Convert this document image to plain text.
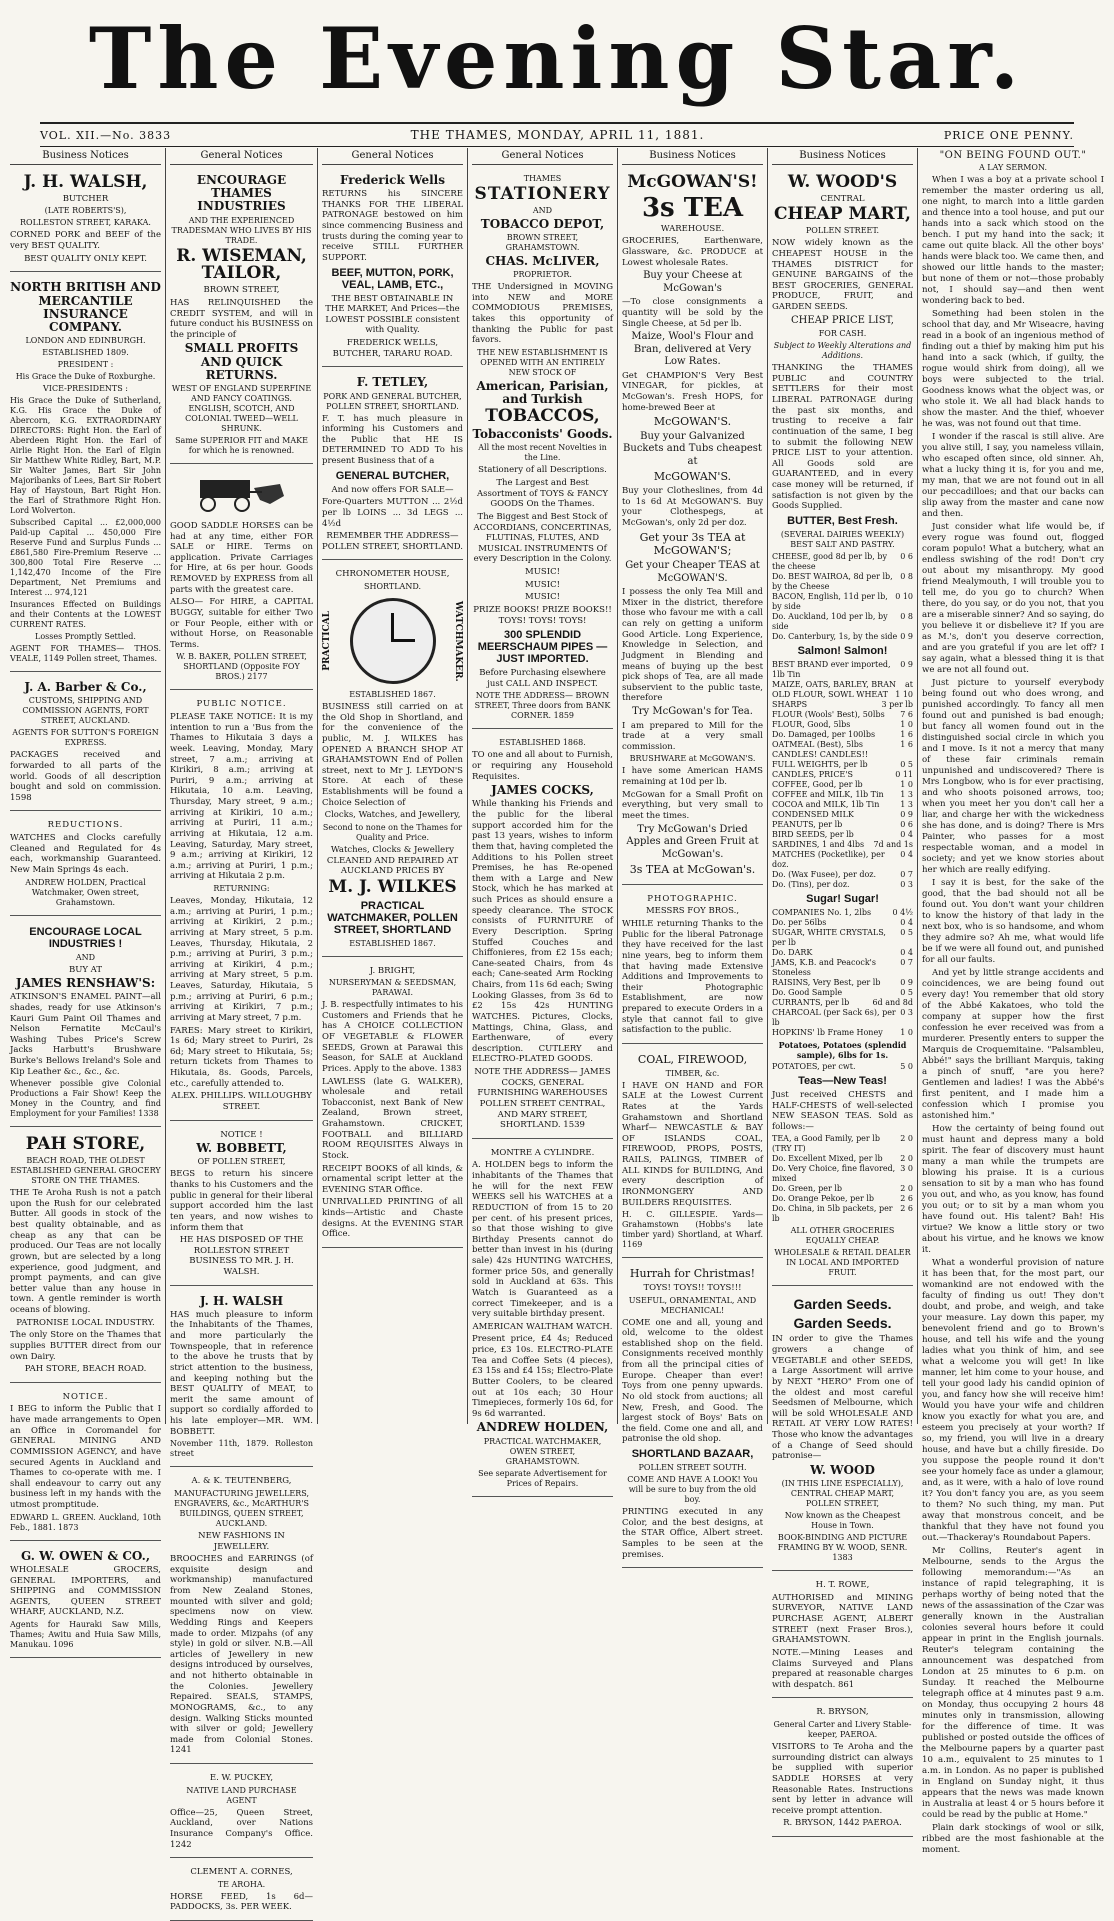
The Evening Star.
VOL. XII.—No. 3833	THE THAMES, MONDAY, APRIL 11, 1881.	PRICE ONE PENNY.
Business Notices
J. H. WALSH,

BUTCHER

(LATE ROBERTS'S),

ROLLESTON STREET, KARAKA.

CORNED PORK and BEEF of the very BEST QUALITY.

BEST QUALITY ONLY KEPT.

NORTH BRITISH AND MERCANTILE INSURANCE COMPANY.

LONDON AND EDINBURGH.

ESTABLISHED 1809.

PRESIDENT :

His Grace the Duke of Roxburghe.

VICE-PRESIDENTS :

His Grace the Duke of Sutherland, K.G. His Grace the Duke of Abercorn, K.G. EXTRAORDINARY DIRECTORS: Right Hon. the Earl of Aberdeen Right Hon. the Earl of Airlie Right Hon. the Earl of Elgin Sir Matthew White Ridley, Bart, M.P. Sir Walter James, Bart Sir John Majoribanks of Lees, Bart Sir Robert Hay of Haystoun, Bart Right Hon. the Earl of Strathmore Right Hon. Lord Wolverton.

Subscribed Capital ... £2,000,000 Paid-up Capital ... 450,000 Fire Reserve Fund and Surplus Funds ... £861,580 Fire-Premium Reserve ... 300,800 Total Fire Reserve ... 1,142,470 Income of the Fire Department, Net Premiums and Interest ... 974,121

Insurances Effected on Buildings and their Contents at the LOWEST CURRENT RATES.

Losses Promptly Settled.

AGENT FOR THAMES— THOS. VEALE, 1149 Pollen street, Thames.

J. A. Barber & Co.,

CUSTOMS, SHIPPING AND COMMISSION AGENTS, FORT STREET, AUCKLAND.

AGENTS FOR SUTTON'S FOREIGN EXPRESS.

PACKAGES received and forwarded to all parts of the world. Goods of all description bought and sold on commission. 1598

REDUCTIONS.

WATCHES and Clocks carefully Cleaned and Regulated for 4s each, workmanship Guaranteed. New Main Springs 4s each.

ANDREW HOLDEN, Practical Watchmaker, Owen street, Grahamstown.

ENCOURAGE LOCAL INDUSTRIES !

AND

BUY AT

JAMES RENSHAW'S:

ATKINSON'S ENAMEL PAINT—all shades, ready for use Atkinson's Kauri Gum Paint Oil Thames and Nelson Fernatite McCaul's Washing Tubes Price's Screw Jacks Harbutt's Brushware Burke's Bellows Ireland's Sole and Kip Leather &c., &c., &c.

Whenever possible give Colonial Productions a Fair Show! Keep the Money in the Country, and find Employment for your Families! 1338

PAH STORE,

BEACH ROAD, THE OLDEST ESTABLISHED GENERAL GROCERY STORE ON THE THAMES.

THE Te Aroha Rush is not a patch upon the Rush for our celebrated Butter. All goods in stock of the best quality obtainable, and as cheap as any that can be produced. Our Teas are not locally grown, but are selected by a long experience, good judgment, and prompt payments, and can give better value than any house in town. A gentle reminder is worth oceans of blowing.

PATRONISE LOCAL INDUSTRY.

The only Store on the Thames that supplies BUTTER direct from our own Dairy.

PAH STORE, BEACH ROAD.

NOTICE.

I BEG to inform the Public that I have made arrangements to Open an Office in Coromandel for GENERAL MINING AND COMMISSION AGENCY, and have secured Agents in Auckland and Thames to co-operate with me. I shall endeavour to carry out any business left in my hands with the utmost promptitude.

EDWARD L. GREEN. Auckland, 10th Feb., 1881. 1873

G. W. OWEN & CO.,

WHOLESALE GROCERS, GENERAL IMPORTERS, and SHIPPING and COMMISSION AGENTS, QUEEN STREET WHARF, AUCKLAND, N.Z.

Agents for Hauraki Saw Mills, Thames; Awitu and Huia Saw Mills, Manukau. 1096

General Notices
ENCOURAGE THAMES INDUSTRIES

AND THE EXPERIENCED TRADESMAN WHO LIVES BY HIS TRADE.

R. WISEMAN, TAILOR,

BROWN STREET,

HAS RELINQUISHED the CREDIT SYSTEM, and will in future conduct his BUSINESS on the principle of

SMALL PROFITS AND QUICK RETURNS.

WEST OF ENGLAND SUPERFINE AND FANCY COATINGS. ENGLISH, SCOTCH, AND COLONIAL TWEED—WELL SHRUNK.

Same SUPERIOR FIT and MAKE for which he is renowned.

GOOD SADDLE HORSES can be had at any time, either FOR SALE or HIRE. Terms on application. Private Carriages for Hire, at 6s per hour. Goods REMOVED by EXPRESS from all parts with the greatest care.

ALSO— For HIRE, a CAPITAL BUGGY, suitable for either Two or Four People, either with or without Horse, on Reasonable Terms.

W. B. BAKER, POLLEN STREET, SHORTLAND (Opposite FOY BROS.) 2177

PUBLIC NOTICE.

PLEASE TAKE NOTICE: It is my intention to run a 'Bus from the Thames to Hikutaia 3 days a week. Leaving, Monday, Mary street, 7 a.m.; arriving at Kirikiri, 8 a.m.; arriving at Puriri, 9 a.m.; arriving at Hikutaia, 10 a.m. Leaving, Thursday, Mary street, 9 a.m.; arriving at Kirikiri, 10 a.m.; arriving at Puriri, 11 a.m.; arriving at Hikutaia, 12 a.m. Leaving, Saturday, Mary street, 9 a.m.; arriving at Kirikiri, 12 a.m.; arriving at Puriri, 1 p.m.; arriving at Hikutaia 2 p.m.

RETURNING:

Leaves, Monday, Hikutaia, 12 a.m.; arriving at Puriri, 1 p.m.; arriving at Kirikiri, 2 p.m.; arriving at Mary street, 5 p.m. Leaves, Thursday, Hikutaia, 2 p.m.; arriving at Puriri, 3 p.m.; arriving at Kirikiri, 4 p.m.; arriving at Mary street, 5 p.m. Leaves, Saturday, Hikutaia, 5 p.m.; arriving at Puriri, 6 p.m.; arriving at Kirikiri, 7 p.m.; arriving at Mary street, 7 p.m.

FARES: Mary street to Kirikiri, 1s 6d; Mary street to Puriri, 2s 6d; Mary street to Hikutaia, 5s; return tickets from Thames to Hikutaia, 8s. Goods, Parcels, etc., carefully attended to.

ALEX. PHILLIPS. WILLOUGHBY STREET.

NOTICE !

W. BOBBETT,

OF POLLEN STREET,

BEGS to return his sincere thanks to his Customers and the public in general for their liberal support accorded him the last ten years, and now wishes to inform them that

HE HAS DISPOSED OF THE ROLLESTON STREET BUSINESS TO MR. J. H. WALSH.

J. H. WALSH

HAS much pleasure to inform the Inhabitants of the Thames, and more particularly the Townspeople, that in reference to the above he trusts that by strict attention to the business, and keeping nothing but the BEST QUALITY of MEAT, to merit the same amount of support so cordially afforded to his late employer—MR. WM. BOBBETT.

November 11th, 1879. Rolleston street

A. & K. TEUTENBERG,

MANUFACTURING JEWELLERS, ENGRAVERS, &c., McARTHUR'S BUILDINGS, QUEEN STREET, AUCKLAND.

NEW FASHIONS IN JEWELLERY.

BROOCHES and EARRINGS (of exquisite design and workmanship) manufactured from New Zealand Stones, mounted with silver and gold; specimens now on view. Wedding Rings and Keepers made to order. Mizpahs (of any style) in gold or silver. N.B.—All articles of Jewellery in new designs introduced by ourselves, and not hitherto obtainable in the Colonies. Jewellery Repaired. SEALS, STAMPS, MONOGRAMS, &c., to any design. Walking Sticks mounted with silver or gold; Jewellery made from Colonial Stones. 1241

E. W. PUCKEY,

NATIVE LAND PURCHASE AGENT

Office—25, Queen Street, Auckland, over Nations Insurance Company's Office. 1242

CLEMENT A. CORNES,

TE AROHA.

HORSE FEED, 1s 6d—PADDOCKS, 3s. PER WEEK.

General Notices
Frederick Wells

RETURNS his SINCERE THANKS FOR THE LIBERAL PATRONAGE bestowed on him since commencing Business and trusts during the coming year to receive STILL FURTHER SUPPORT.

BEEF, MUTTON, PORK, VEAL, LAMB, ETC.,

THE BEST OBTAINABLE IN THE MARKET, And Prices—the LOWEST POSSIBLE consistent with Quality.

FREDERICK WELLS, BUTCHER, TARARU ROAD.

F. TETLEY,

PORK AND GENERAL BUTCHER, POLLEN STREET, SHORTLAND.

F. T. has much pleasure in informing his Customers and the Public that HE IS DETERMINED TO ADD To his present Business that of a

GENERAL BUTCHER,

And now offers FOR SALE—

Fore-Quarters MUTTON ... 2½d per lb LOINS ... 3d LEGS ... 4½d

REMEMBER THE ADDRESS— POLLEN STREET, SHORTLAND.

CHRONOMETER HOUSE,

SHORTLAND.

PRACTICAL	WATCHMAKER.

ESTABLISHED 1867.

BUSINESS still carried on at the Old Shop in Shortland, and for the convenience of the public, M. J. WILKES has OPENED A BRANCH SHOP AT GRAHAMSTOWN End of Pollen street, next to Mr J. LEYDON'S Store. At each of these Establishments will be found a Choice Selection of

Clocks, Watches, and Jewellery,

Second to none on the Thames for Quality and Price.

Watches, Clocks & Jewellery CLEANED AND REPAIRED AT AUCKLAND PRICES BY

M. J. WILKES
PRACTICAL WATCHMAKER, POLLEN STREET, SHORTLAND

ESTABLISHED 1867.

J. BRIGHT,

NURSERYMAN & SEEDSMAN, PARAWAI.

J. B. respectfully intimates to his Customers and Friends that he has A CHOICE COLLECTION OF VEGETABLE & FLOWER SEEDS, Grown at Parawai this Season, for SALE at Auckland Prices. Apply to the above. 1383

LAWLESS (late G. WALKER), wholesale and retail Tobacconist, next Bank of New Zealand, Brown street, Grahamstown. CRICKET, FOOTBALL and BILLIARD ROOM REQUISITES Always in Stock.

RECEIPT BOOKS of all kinds, & ornamental script letter at the EVENING STAR Office.

UNRIVALLED PRINTING of all kinds—Artistic and Chaste designs. At the EVENING STAR Office.

General Notices

THAMES

STATIONERY

AND

TOBACCO DEPOT,

BROWN STREET, GRAHAMSTOWN.

CHAS. McLIVER,

PROPRIETOR.

THE Undersigned in MOVING into NEW and MORE COMMODIOUS PREMISES, takes this opportunity of thanking the Public for past favors.

THE NEW ESTABLISHMENT IS OPENED WITH AN ENTIRELY NEW STOCK OF

American, Parisian, and Turkish
TOBACCOS,
Tobacconists' Goods.

All the most recent Novelties in the Line.

Stationery of all Descriptions.

The Largest and Best Assortment of TOYS & FANCY GOODS On the Thames.

The Biggest and Best Stock of ACCORDIANS, CONCERTINAS, FLUTINAS, FLUTES, AND MUSICAL INSTRUMENTS Of every Description in the Colony.

MUSIC!

MUSIC!

MUSIC!

PRIZE BOOKS! PRIZE BOOKS!! TOYS! TOYS! TOYS!

300 SPLENDID MEERSCHAUM PIPES —JUST IMPORTED.

Before Purchasing elsewhere just CALL AND INSPECT.

NOTE THE ADDRESS— BROWN STREET, Three doors from BANK CORNER. 1859

ESTABLISHED 1868.

TO one and all about to Furnish, or requiring any Household Requisites.

JAMES COCKS,

While thanking his Friends and the public for the liberal support accorded him for the past 13 years, wishes to inform them that, having completed the Additions to his Pollen street Premises, he has Re-opened them with a Large and New Stock, which he has marked at such Prices as should ensure a speedy clearance. The STOCK consists of FURNITURE of Every Description. Spring Stuffed Couches and Chiffonieres, from £2 15s each; Cane-seated Chairs, from 4s each; Cane-seated Arm Rocking Chairs, from 11s 6d each; Swing Looking Glasses, from 3s 6d to £2 15s 42s HUNTING WATCHES. Pictures, Clocks, Mattings, China, Glass, and Earthenware, of every description. CUTLERY and ELECTRO-PLATED GOODS.

NOTE THE ADDRESS— JAMES COCKS, GENERAL FURNISHING WAREHOUSES POLLEN STREET CENTRAL, AND MARY STREET, SHORTLAND. 1539

MONTRE A CYLINDRE.

A. HOLDEN begs to inform the inhabitants of the Thames that he will for the next FEW WEEKS sell his WATCHES at a REDUCTION of from 15 to 20 per cent. of his present prices, so that those wishing to give Birthday Presents cannot do better than invest in his (during sale) 42s HUNTING WATCHES, former price 50s, and generally sold in Auckland at 63s. This Watch is Guaranteed as a correct Timekeeper, and is a very suitable birthday present.

AMERICAN WALTHAM WATCH.

Present price, £4 4s; Reduced price, £3 10s. ELECTRO-PLATE Tea and Coffee Sets (4 pieces), £3 15s and £4 15s; Electro-Plate Butter Coolers, to be cleared out at 10s each; 30 Hour Timepieces, formerly 10s 6d, for 9s 6d warranted.

ANDREW HOLDEN,

PRACTICAL WATCHMAKER, OWEN STREET, GRAHAMSTOWN.

See separate Advertisement for Prices of Repairs.

Business Notices
McGOWAN'S!
3s TEA

WAREHOUSE.

GROCERIES, Earthenware, Glassware, &c. PRODUCE at Lowest wholesale Rates.

Buy your Cheese at McGowan's

—To close consignments a quantity will be sold by the Single Cheese, at 5d per lb.

Maize, Wool's Flour and Bran, delivered at Very Low Rates.

Get CHAMPION'S Very Best VINEGAR, for pickles, at McGowan's. Fresh HOPS, for home-brewed Beer at

McGOWAN'S.

Buy your Galvanized Buckets and Tubs cheapest at

McGOWAN'S.

Buy your Clotheslines, from 4d to 1s 6d At McGOWAN'S. Buy your Clothespegs, at McGowan's, only 2d per doz.

Get your 3s TEA at McGOWAN'S;

Get your Cheaper TEAS at McGOWAN'S.

I possess the only Tea Mill and Mixer in the district, therefore those who favour me with a call can rely on getting a uniform Good Article. Long Experience, Knowledge in Selection, and Judgment in Blending and means of buying up the best pick shops of Tea, are all made subservient to the public taste, therefore

Try McGowan's for Tea.

I am prepared to Mill for the trade at a very small commission.

BRUSHWARE at McGOWAN'S.

I have some American HAMS remaining at 10d per lb.

McGowan for a Small Profit on everything, but very small to meet the times.

Try McGowan's Dried Apples and Green Fruit at McGowan's.

3s TEA at McGowan's.

PHOTOGRAPHIC.

MESSRS FOY BROS.,

WHILE returning Thanks to the Public for the liberal Patronage they have received for the last nine years, beg to inform them that having made Extensive Additions and Improvements to their Photographic Establishment, are now prepared to execute Orders in a style that cannot fail to give satisfaction to the public.

COAL, FIREWOOD,

TIMBER, &c.

I HAVE ON HAND and FOR SALE at the Lowest Current Rates at the Yards Grahamstown and Shortland Wharf— NEWCASTLE & BAY OF ISLANDS COAL, FIREWOOD, PROPS, POSTS, RAILS, PALINGS, TIMBER of ALL KINDS for BUILDING, And every description of IRONMONGERY AND BUILDERS REQUISITES.

H. C. GILLESPIE. Yards—Grahamstown (Hobbs's late timber yard) Shortland, at Wharf. 1169

Hurrah for Christmas!

TOYS! TOYS!! TOYS!!!

USEFUL, ORNAMENTAL, AND MECHANICAL!

COME one and all, young and old, welcome to the oldest established shop on the field. Consignments received monthly from all the principal cities of Europe. Cheaper than ever! Toys from one penny upwards. No old stock from auctions; all New, Fresh, and Good. The largest stock of Boys' Bats on the field. Come one and all, and patronise the old shop.

SHORTLAND BAZAAR,

POLLEN STREET SOUTH.

COME AND HAVE A LOOK! You will be sure to buy from the old boy.

PRINTING executed in any Color, and the best designs, at the STAR Office, Albert street. Samples to be seen at the premises.

Business Notices
W. WOOD'S

CENTRAL

CHEAP MART,

POLLEN STREET.

NOW widely known as the CHEAPEST HOUSE in the THAMES DISTRICT for GENUINE BARGAINS of the BEST GROCERIES, GENERAL PRODUCE, FRUIT, and GARDEN SEEDS.

CHEAP PRICE LIST,

FOR CASH.

Subject to Weekly Alterations and Additions.

THANKING the THAMES PUBLIC and COUNTRY SETTLERS for their most LIBERAL PATRONAGE during the past six months, and trusting to receive a fair continuation of the same, I beg to submit the following NEW PRICE LIST to your attention. All Goods sold are GUARANTEED, and in every case money will be returned, if satisfaction is not given by the Goods Supplied.

BUTTER, Best Fresh.

(SEVERAL DAIRIES WEEKLY) BEST SALT AND PASTRY.

CHEESE, good 8d per lb, by the cheese
0 6
Do. BEST WAIROA, 8d per lb, by the Cheese
0 8
BACON, English, 11d per lb, by side
0 10
Do. Auckland, 10d per lb, by side
0 8
Do. Canterbury, 1s, by the side 0 9
Salmon! Salmon!
BEST BRAND ever imported, 1lb Tin
0 9
MAIZE, OATS, BARLEY, BRAN at
OLD FLOUR, SOWL WHEAT 1 10
SHARPS	3 per lb
FLOUR (Wools' Best), 50lbs 7 6
FLOUR, Good, 5lbs	1 0
Do. Damaged, per 100lbs	1 6
OATMEAL (Best), 5lbs	1 6
CANDLES! CANDLES!!
FULL WEIGHTS, per lb	0 5
CANDLES, PRICE'S	0 11
COFFEE, Good, per lb	1 0
COFFEE and MILK, 1lb Tin 1 3
COCOA and MILK, 1lb Tin	1 3
CONDENSED MILK	0 9
PEANUTS, per lb	0 6
BIRD SEEDS, per lb	0 4
SARDINES, 1 and 4lbs 7d and 1s
MATCHES (Pocketlike), per doz.
0 4
Do. (Wax Fusee), per doz.	0 7
Do. (Tins), per doz.	0 3
Sugar! Sugar!
COMPANIES No. 1, 2lbs	0 4½
Do. per 56lbs	0 4
SUGAR, WHITE CRYSTALS, per lb
0 5
Do. DARK	0 4
JAMS, K.B. and Peacock's Stoneless
0 7
RAISINS, Very Best, per lb 0 9
Do. Good Sample	0 5
CURRANTS, per lb	6d and 8d
CHARCOAL (per Sack 6s), per lb
0 3
HOPKINS' lb Frame Honey 1 0

Potatoes, Potatoes (splendid sample), 6lbs for 1s.

POTATOES, per cwt.	5 0
Teas—New Teas!

Just received CHESTS and HALF-CHESTS of well-selected NEW SEASON TEAS. Sold as follows:—

TEA, a Good Family, per lb (TRY IT)
2 0
Do. Excellent Mixed, per lb 2 0
Do. Very Choice, fine flavored, mixed
3 0
Do. Green, per lb	2 0
Do. Orange Pekoe, per lb	2 6
Do. China, in 5lb packets, per lb
2 6

ALL OTHER GROCERIES EQUALLY CHEAP.

WHOLESALE & RETAIL DEALER IN LOCAL AND IMPORTED FRUIT.

Garden Seeds.
Garden Seeds.

IN order to give the Thames growers a change of VEGETABLE and other SEEDS, a Large Assortment will arrive by NEXT "HERO" From one of the oldest and most careful Seedsmen of Melbourne, which will be sold WHOLESALE AND RETAIL AT VERY LOW RATES! Those who know the advantages of a Change of Seed should patronise—

W. WOOD

(IN THIS LINE ESPECIALLY), CENTRAL CHEAP MART, POLLEN STREET,

Now known as the Cheapest House in Town.

BOOK-BINDING AND PICTURE FRAMING BY W. WOOD, SENR. 1383

H. T. ROWE,

AUTHORISED and MINING SURVEYOR, NATIVE LAND PURCHASE AGENT, ALBERT STREET (next Fraser Bros.), GRAHAMSTOWN.

NOTE.—Mining Leases and Claims Surveyed and Plans prepared at reasonable charges with despatch. 861

R. BRYSON,

General Carter and Livery Stable-keeper, PAEROA.

VISITORS to Te Aroha and the surrounding district can always be supplied with superior SADDLE HORSES at very Reasonable Rates. Instructions sent by letter in advance will receive prompt attention.

R. BRYSON, 1442 PAEROA.

"ON BEING FOUND OUT."
A LAY SERMON.

When I was a boy at a private school I remember the master ordering us all, one night, to march into a little garden and thence into a tool house, and put our hands into a sack which stood on the bench. I put my hand into the sack; it came out quite black. All the other boys' hands were black too. We came then, and showed our little hands to the master; but none of them or not—those probably not, I should say—and then went wondering back to bed.

Something had been stolen in the school that day, and Mr Wiseacre, having read in a book of an ingenious method of finding out a thief by making him put his hand into a sack (which, if guilty, the rogue would shirk from doing), all we boys were subjected to the trial. Goodness knows what the object was, or who stole it. We all had black hands to show the master. And the thief, whoever he was, was not found out that time.

I wonder if the rascal is still alive. Are you alive still, I say, you nameless villain, who escaped often since, old sinner. Ah, what a lucky thing it is, for you and me, my man, that we are not found out in all our peccadilloes; and that our backs can slip away from the master and cane now and then.

Just consider what life would be, if every rogue was found out, flogged coram populo! What a butchery, what an endless swishing of the rod! Don't cry out about my misanthropy. My good friend Mealymouth, I will trouble you to tell me, do you go to church? When there, do you say, or do you not, that you are a miserable sinner? And so saying, do you believe it or disbelieve it? If you are as M.'s, don't you deserve correction, and are you grateful if you are let off? I say again, what a blessed thing it is that we are not all found out.

Just picture to yourself everybody being found out who does wrong, and punished accordingly. To fancy all men found out and punished is bad enough; but fancy all women found out in the distinguished social circle in which you and I move. Is it not a mercy that many of these fair criminals remain unpunished and undiscovered? There is Mrs Longbow, who is for ever practising, and who shoots poisoned arrows, too; when you meet her you don't call her a liar, and charge her with the wickedness she has done, and is doing? There is Mrs Painter, who passes for a most respectable woman, and a model in society; and yet we know stories about her which are really edifying.

I say it is best, for the sake of the good, that the bad should not all be found out. You don't want your children to know the history of that lady in the next box, who is so handsome, and whom they admire so? Ah me, what would life be if we were all found out, and punished for all our faults.

And yet by little strange accidents and coincidences, we are being found out every day! You remember that old story of the Abbé Kakatoes, who told the company at supper how the first confession he ever received was from a murderer. Presently enters to supper the Marquis de Croquemitaine. "Palsambleu, Abbé!" says the brilliant Marquis, taking a pinch of snuff, "are you here? Gentlemen and ladies! I was the Abbé's first penitent, and I made him a confession which I promise you astonished him."

How the certainty of being found out must haunt and depress many a bold spirit. The fear of discovery must haunt many a man while the trumpets are blowing his praise. It is a curious sensation to sit by a man who has found you out, and who, as you know, has found you out; or to sit by a man whom you have found out. His talent? Bah! His virtue? We know a little story or two about his virtue, and he knows we know it.

What a wonderful provision of nature it has been that, for the most part, our womankind are not endowed with the faculty of finding us out! They don't doubt, and probe, and weigh, and take your measure. Lay down this paper, my benevolent friend and go to Brown's house, and tell his wife and the young ladies what you think of him, and see what a welcome you will get! In like manner, let him come to your house, and tell your good lady his candid opinion of you, and fancy how she will receive him! Would you have your wife and children know you exactly for what you are, and esteem you precisely at your worth? If so, my friend, you will live in a dreary house, and have but a chilly fireside. Do you suppose the people round it don't see your homely face as under a glamour, and, as it were, with a halo of love round it? You don't fancy you are, as you seem to them? No such thing, my man. Put away that monstrous conceit, and be thankful that they have not found you out.—Thackeray's Roundabout Papers.

Mr Collins, Reuter's agent in Melbourne, sends to the Argus the following memorandum:—"As an instance of rapid telegraphing, it is perhaps worthy of being noted that the news of the assassination of the Czar was generally known in the Australian colonies several hours before it could appear in print in the English journals. Reuter's telegram containing the announcement was despatched from London at 25 minutes to 6 p.m. on Sunday. It reached the Melbourne telegraph office at 4 minutes past 9 a.m. on Monday, thus occupying 2 hours 48 minutes only in transmission, allowing for the difference of time. It was published or posted outside the offices of the Melbourne papers by a quarter past 10 a.m., equivalent to 25 minutes to 1 a.m. in London. As no paper is published in England on Sunday night, it thus appears that the news was made known in Australia at least 4 or 5 hours before it could be read by the public at Home."

Plain dark stockings of wool or silk, ribbed are the most fashionable at the moment.
